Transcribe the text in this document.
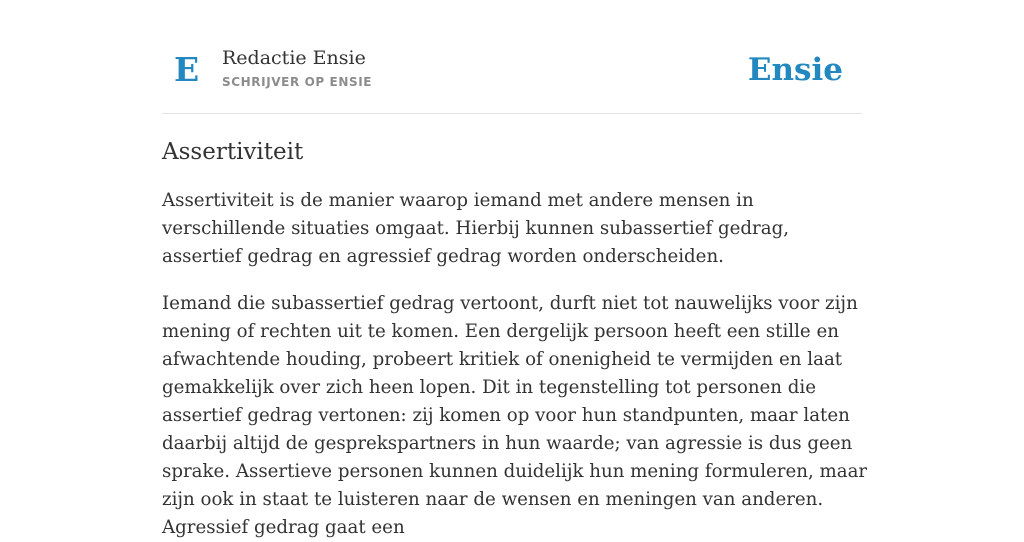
E Redactie Ensie
SCHRIJVER OP ENSIE	Ensie
Assertiviteit

Assertiviteit is de manier waarop iemand met andere mensen in verschillende situaties omgaat. Hierbij kunnen subassertief gedrag, assertief gedrag en agressief gedrag worden onderscheiden.

Iemand die subassertief gedrag vertoont, durft niet tot nauwelijks voor zijn mening of rechten uit te komen. Een dergelijk persoon heeft een stille en afwachtende houding, probeert kritiek of onenigheid te vermijden en laat gemakkelijk over zich heen lopen. Dit in tegenstelling tot personen die assertief gedrag vertonen: zij komen op voor hun standpunten, maar laten daarbij altijd de gesprekspartners in hun waarde; van agressie is dus geen sprake. Assertieve personen kunnen duidelijk hun mening formuleren, maar zijn ook in staat te luisteren naar de wensen en meningen van anderen. Agressief gedrag gaat een
